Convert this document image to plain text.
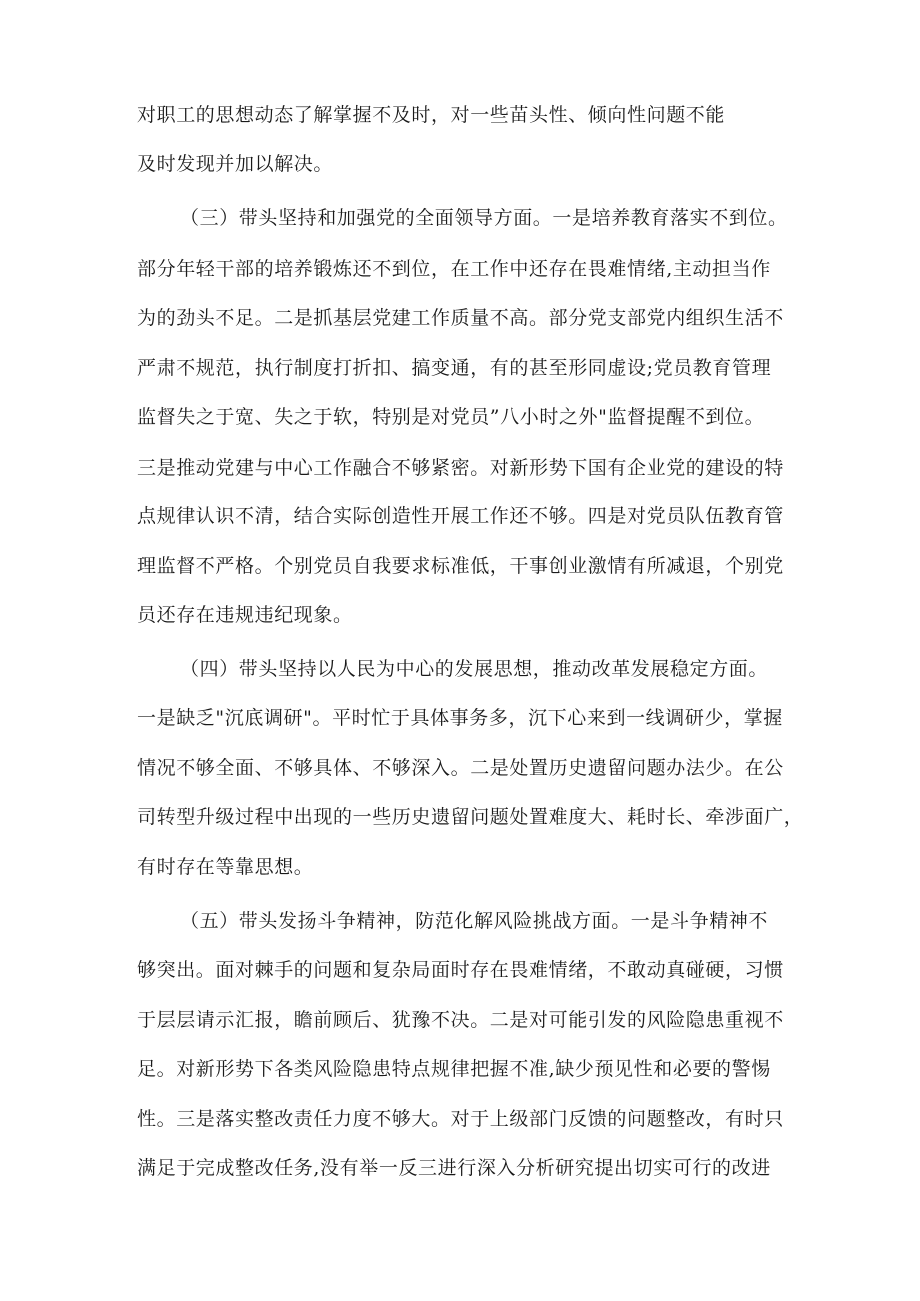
对职工的思想动态了解掌握不及时，对一些苗头性、倾向性问题不能
及时发现并加以解决。
（三）带头坚持和加强党的全面领导方面。一是培养教育落实不到位。
部分年轻干部的培养锻炼还不到位，在工作中还存在畏难情绪,主动担当作
为的劲头不足。二是抓基层党建工作质量不高。部分党支部党内组织生活不
严肃不规范，执行制度打折扣、搞变通，有的甚至形同虚设;党员教育管理
监督失之于宽、失之于软，特别是对党员”八小时之外"监督提醒不到位。
三是推动党建与中心工作融合不够紧密。对新形势下国有企业党的建设的特
点规律认识不清，结合实际创造性开展工作还不够。四是对党员队伍教育管
理监督不严格。个别党员自我要求标准低，干事创业激情有所减退，个别党
员还存在违规违纪现象。
（四）带头坚持以人民为中心的发展思想，推动改革发展稳定方面。
一是缺乏"沉底调研"。平时忙于具体事务多，沉下心来到一线调研少，掌握
情况不够全面、不够具体、不够深入。二是处置历史遗留问题办法少。在公
司转型升级过程中出现的一些历史遗留问题处置难度大、耗时长、牵涉面广，
有时存在等靠思想。
（五）带头发扬斗争精神，防范化解风险挑战方面。一是斗争精神不
够突出。面对棘手的问题和复杂局面时存在畏难情绪，不敢动真碰硬，习惯
于层层请示汇报，瞻前顾后、犹豫不决。二是对可能引发的风险隐患重视不
足。对新形势下各类风险隐患特点规律把握不准,缺少预见性和必要的警惕
性。三是落实整改责任力度不够大。对于上级部门反馈的问题整改，有时只
满足于完成整改任务,没有举一反三进行深入分析研究提出切实可行的改进
